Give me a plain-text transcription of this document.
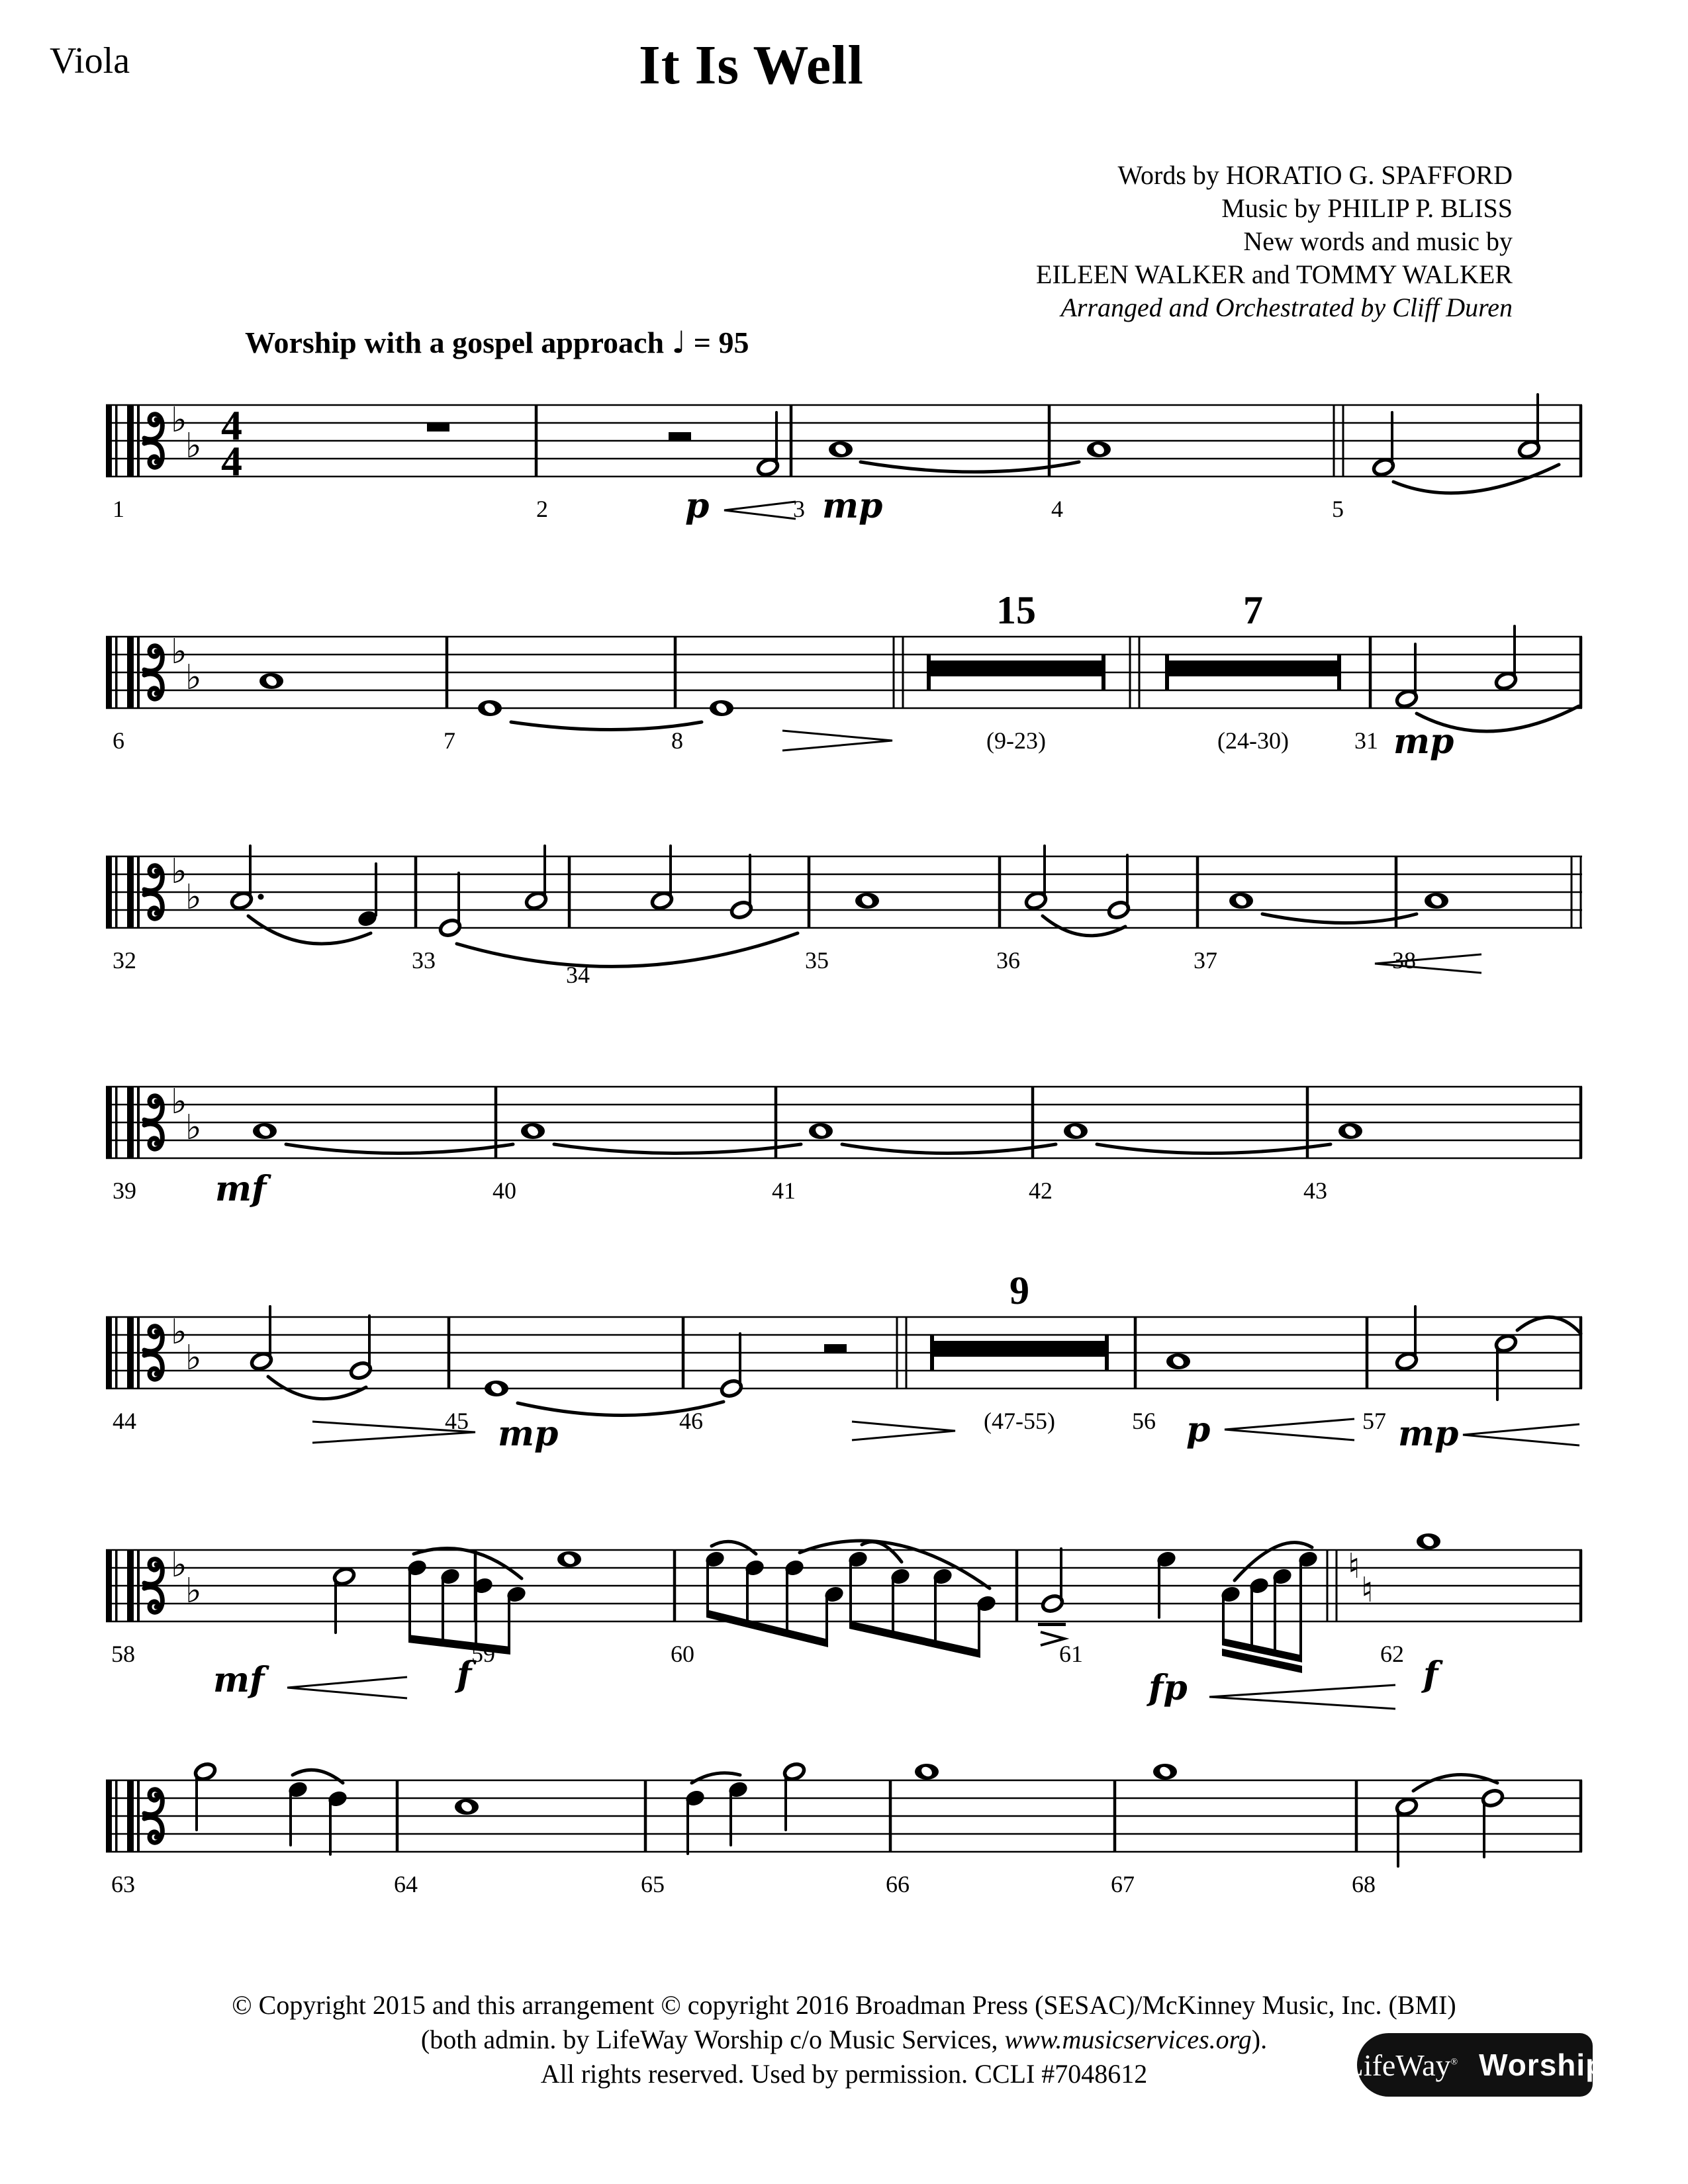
Viola	It Is Well
Words by HORATIO G. SPAFFORD
Music by PHILIP P. BLISS
New words and music by
EILEEN WALKER and TOMMY WALKER
Arranged and Orchestrated by Cliff Duren
Worship with a gospel approach ♩ = 95
♭
♭ 4
4
1	2	p	3 mp	4	5
♭
♭
6	7	8
15
(9-23)
7
(24-30)	31 mp
♭
♭
32	33
34
35	36	37	38
♭
♭
39 mf	40	41	42	43
♭
♭
44	45 mp	46
9
(47-55)	56 p	57 mp
♭
♭
♮
♮
58
mf
59
f
60	61
fp
62
f
63	64	65	66	67	68
© Copyright 2015 and this arrangement © copyright 2016 Broadman Press (SESAC)/McKinney Music, Inc. (BMI)
(both admin. by LifeWay Worship c/o Music Services, www.musicservices.org).
All rights reserved. Used by permission. CCLI #7048612	LifeWay® Worship
